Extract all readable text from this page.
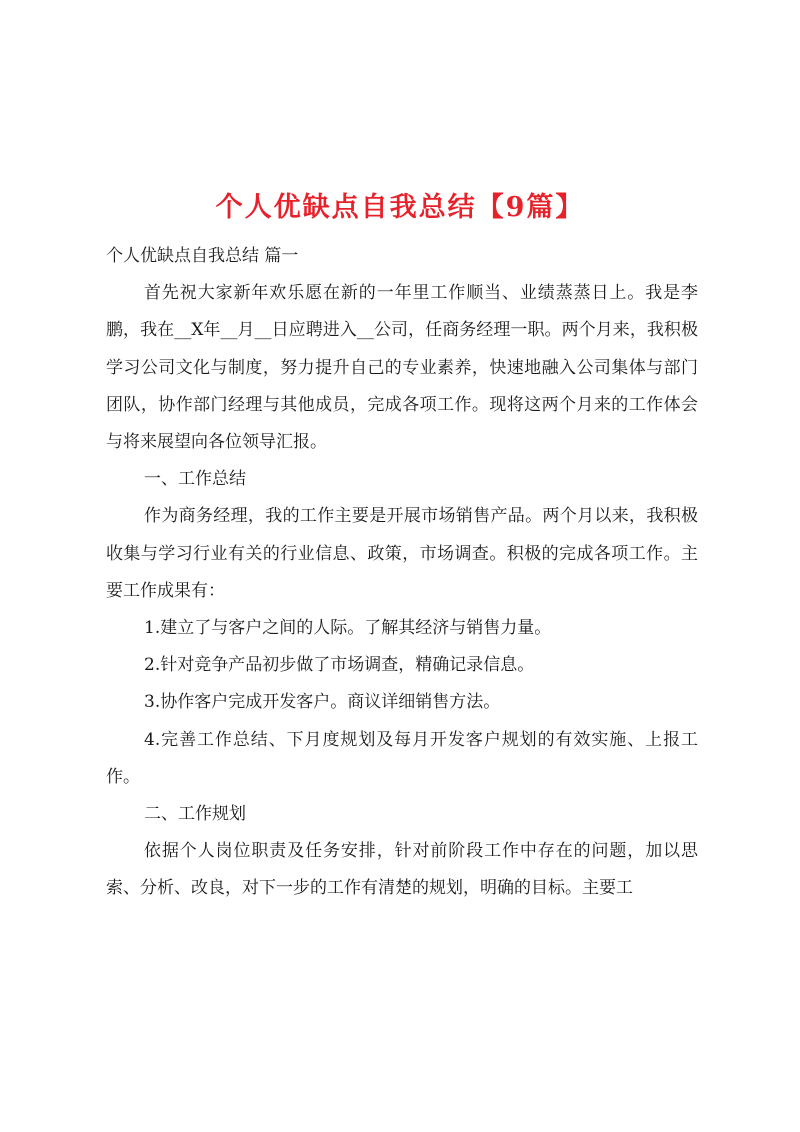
个人优缺点自我总结【9篇】

个人优缺点自我总结 篇一

首先祝大家新年欢乐愿在新的一年里工作顺当、业绩蒸蒸日上。我是李鹏，我在__X年__月__日应聘进入__公司，任商务经理一职。两个月来，我积极学习公司文化与制度，努力提升自己的专业素养，快速地融入公司集体与部门团队，协作部门经理与其他成员，完成各项工作。现将这两个月来的工作体会与将来展望向各位领导汇报。

一、工作总结

作为商务经理，我的工作主要是开展市场销售产品。两个月以来，我积极收集与学习行业有关的行业信息、政策，市场调查。积极的完成各项工作。主要工作成果有：

1.建立了与客户之间的人际。了解其经济与销售力量。

2.针对竞争产品初步做了市场调查，精确记录信息。

3.协作客户完成开发客户。商议详细销售方法。

4.完善工作总结、下月度规划及每月开发客户规划的有效实施、上报工作。

二、工作规划

依据个人岗位职责及任务安排，针对前阶段工作中存在的问题，加以思索、分析、改良，对下一步的工作有清楚的规划，明确的目标。主要工
